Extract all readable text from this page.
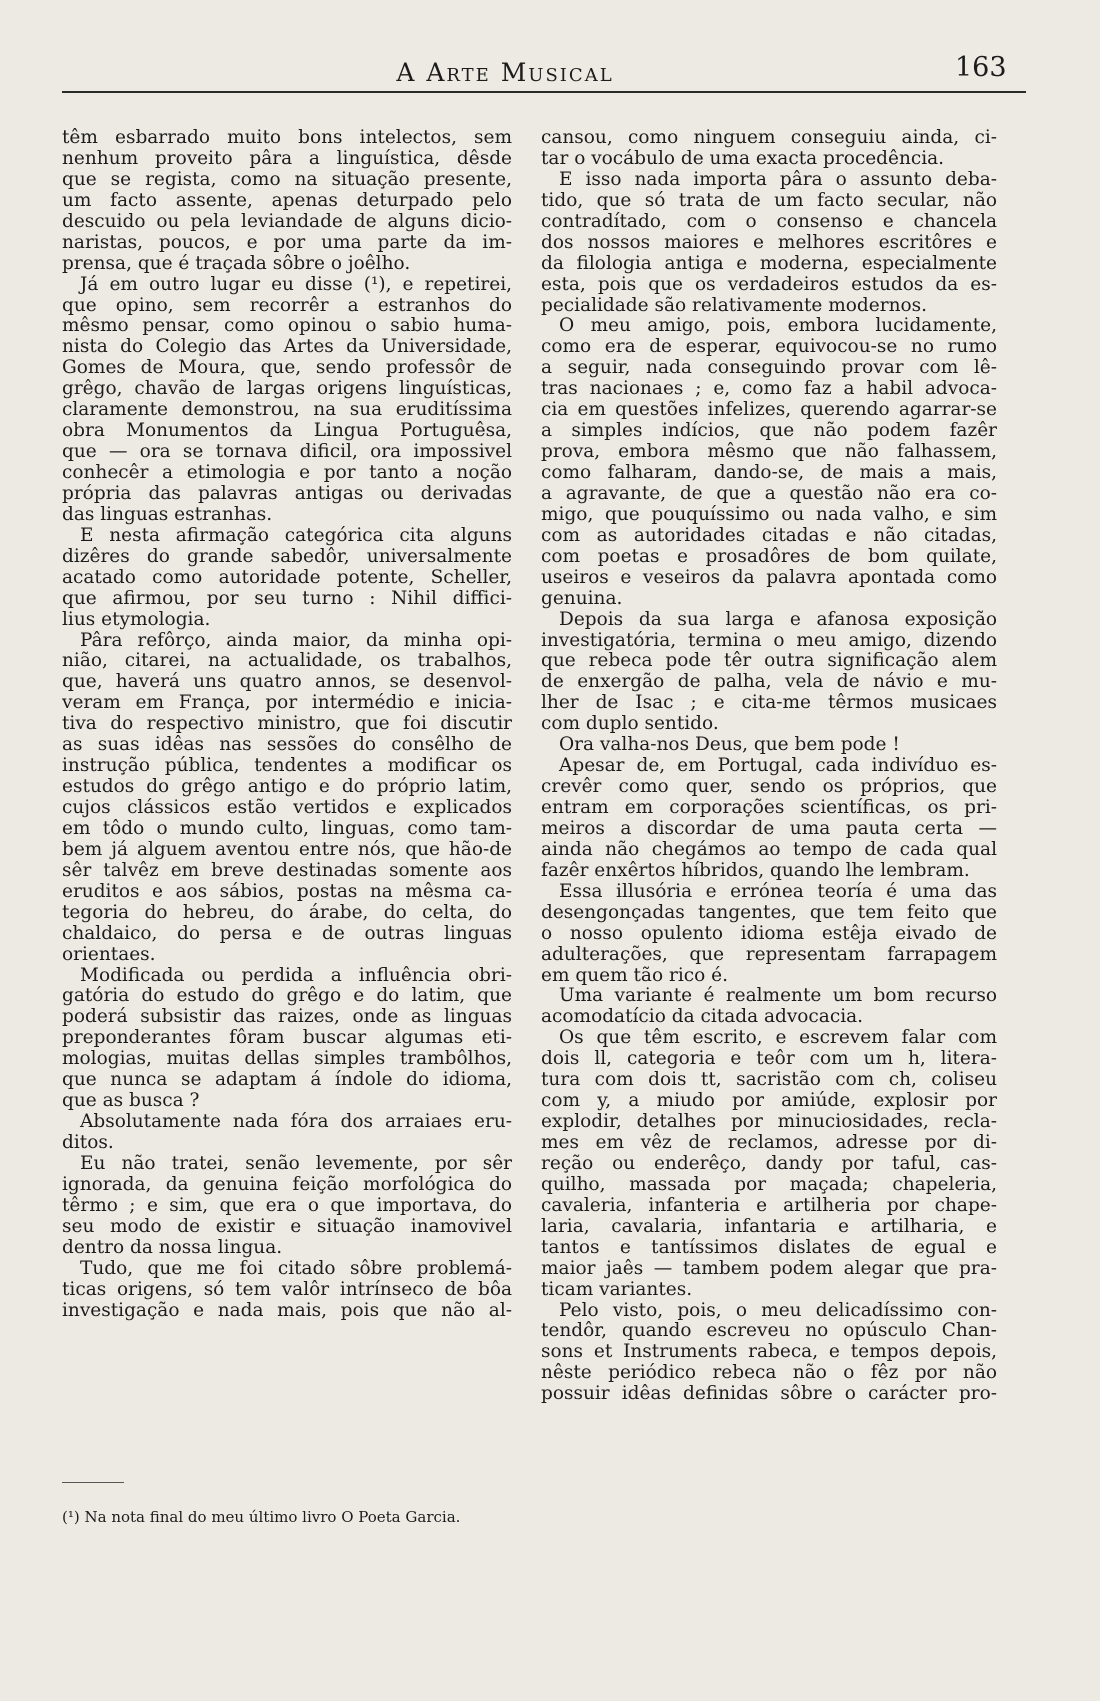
A Arte Musical	163
têm esbarrado muito bons intelectos, sem
nenhum proveito pâra a linguística, dêsde
que se regista, como na situação presente,
um facto assente, apenas deturpado pelo
descuido ou pela leviandade de alguns dicio-
naristas, poucos, e por uma parte da im-
prensa, que é traçada sôbre o joêlho.
Já em outro lugar eu disse (¹), e repetirei,
que opino, sem recorrêr a estranhos do
mêsmo pensar, como opinou o sabio huma-
nista do Colegio das Artes da Universidade,
Gomes de Moura, que, sendo professôr de
grêgo, chavão de largas origens linguísticas,
claramente demonstrou, na sua eruditíssima
obra Monumentos da Lingua Portuguêsa,
que — ora se tornava dificil, ora impossivel
conhecêr a etimologia e por tanto a noção
própria das palavras antigas ou derivadas
das linguas estranhas.
E nesta afirmação categórica cita alguns
dizêres do grande sabedôr, universalmente
acatado como autoridade potente, Scheller,
que afirmou, por seu turno : Nihil diffici-
lius etymologia.
Pâra refôrço, ainda maior, da minha opi-
nião, citarei, na actualidade, os trabalhos,
que, haverá uns quatro annos, se desenvol-
veram em França, por intermédio e inicia-
tiva do respectivo ministro, que foi discutir
as suas idêas nas sessões do consêlho de
instrução pública, tendentes a modificar os
estudos do grêgo antigo e do próprio latim,
cujos clássicos estão vertidos e explicados
em tôdo o mundo culto, linguas, como tam-
bem já alguem aventou entre nós, que hão-de
sêr talvêz em breve destinadas somente aos
eruditos e aos sábios, postas na mêsma ca-
tegoria do hebreu, do árabe, do celta, do
chaldaico, do persa e de outras linguas
orientaes.
Modificada ou perdida a influência obri-
gatória do estudo do grêgo e do latim, que
poderá subsistir das raizes, onde as linguas
preponderantes fôram buscar algumas eti-
mologias, muitas dellas simples trambôlhos,
que nunca se adaptam á índole do idioma,
que as busca ?
Absolutamente nada fóra dos arraiaes eru-
ditos.
Eu não tratei, senão levemente, por sêr
ignorada, da genuina feição morfológica do
têrmo ; e sim, que era o que importava, do
seu modo de existir e situação inamovivel
dentro da nossa lingua.
Tudo, que me foi citado sôbre problemá-
ticas origens, só tem valôr intrínseco de bôa
investigação e nada mais, pois que não al-
cansou, como ninguem conseguiu ainda, ci-
tar o vocábulo de uma exacta procedência.
E isso nada importa pâra o assunto deba-
tido, que só trata de um facto secular, não
contradítado, com o consenso e chancela
dos nossos maiores e melhores escritôres e
da filologia antiga e moderna, especialmente
esta, pois que os verdadeiros estudos da es-
pecialidade são relativamente modernos.
O meu amigo, pois, embora lucidamente,
como era de esperar, equivocou-se no rumo
a seguir, nada conseguindo provar com lê-
tras nacionaes ; e, como faz a habil advoca-
cia em questões infelizes, querendo agarrar-se
a simples indícios, que não podem fazêr
prova, embora mêsmo que não falhassem,
como falharam, dando-se, de mais a mais,
a agravante, de que a questão não era co-
migo, que pouquíssimo ou nada valho, e sim
com as autoridades citadas e não citadas,
com poetas e prosadôres de bom quilate,
useiros e veseiros da palavra apontada como
genuina.
Depois da sua larga e afanosa exposição
investigatória, termina o meu amigo, dizendo
que rebeca pode têr outra significação alem
de enxergão de palha, vela de návio e mu-
lher de Isac ; e cita-me têrmos musicaes
com duplo sentido.
Ora valha-nos Deus, que bem pode !
Apesar de, em Portugal, cada indivíduo es-
crevêr como quer, sendo os próprios, que
entram em corporações scientíficas, os pri-
meiros a discordar de uma pauta certa —
ainda não chegámos ao tempo de cada qual
fazêr enxêrtos híbridos, quando lhe lembram.
Essa illusória e errónea teoría é uma das
desengonçadas tangentes, que tem feito que
o nosso opulento idioma estêja eivado de
adulterações, que representam farrapagem
em quem tão rico é.
Uma variante é realmente um bom recurso
acomodatício da citada advocacia.
Os que têm escrito, e escrevem falar com
dois ll, categoria e teôr com um h, litera-
tura com dois tt, sacristão com ch, coliseu
com y, a miudo por amiúde, explosir por
explodir, detalhes por minuciosidades, recla-
mes em vêz de reclamos, adresse por di-
reção ou enderêço, dandy por taful, cas-
quilho, massada por maçada; chapeleria,
cavaleria, infanteria e artilheria por chape-
laria, cavalaria, infantaria e artilharia, e
tantos e tantíssimos dislates de egual e
maior jaês — tambem podem alegar que pra-
ticam variantes.
Pelo visto, pois, o meu delicadíssimo con-
tendôr, quando escreveu no opúsculo Chan-
sons et Instruments rabeca, e tempos depois,
nêste periódico rebeca não o fêz por não
possuir idêas definidas sôbre o carácter pro-
(¹) Na nota final do meu último livro O Poeta Garcia.
